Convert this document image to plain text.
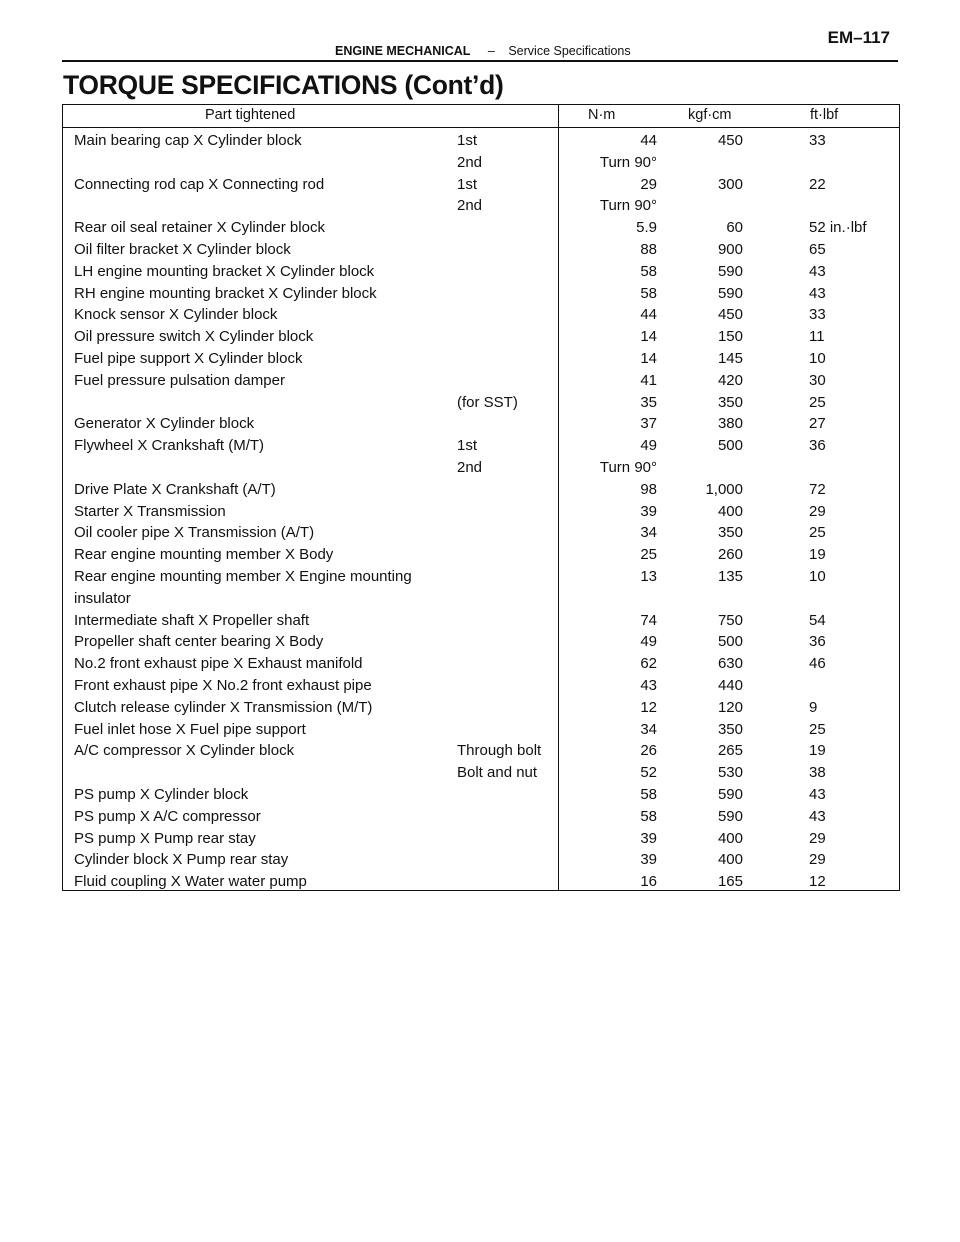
ENGINE MECHANICAL – Service Specifications
EM–117
TORQUE SPECIFICATIONS (Cont’d)
Part tightened	N·m	kgf·cm	ft·lbf
Main bearing cap X Cylinder block	1st	44	450	33
2nd	Turn 90°
Connecting rod cap X Connecting rod	1st	29	300	22
2nd	Turn 90°
Rear oil seal retainer X Cylinder block	5.9	60	52 in.·lbf
Oil filter bracket X Cylinder block	88	900	65
LH engine mounting bracket X Cylinder block	58	590	43
RH engine mounting bracket X Cylinder block	58	590	43
Knock sensor X Cylinder block	44	450	33
Oil pressure switch X Cylinder block	14	150	11
Fuel pipe support X Cylinder block	14	145	10
Fuel pressure pulsation damper	41	420	30
(for SST)	35	350	25
Generator X Cylinder block	37	380	27
Flywheel X Crankshaft (M/T)	1st	49	500	36
2nd	Turn 90°
Drive Plate X Crankshaft (A/T)	98	1,000	72
Starter X Transmission	39	400	29
Oil cooler pipe X Transmission (A/T)	34	350	25
Rear engine mounting member X Body	25	260	19
Rear engine mounting member X Engine mounting insulator
13	135	10
Intermediate shaft X Propeller shaft	74	750	54
Propeller shaft center bearing X Body	49	500	36
No.2 front exhaust pipe X Exhaust manifold	62	630	46
Front exhaust pipe X No.2 front exhaust pipe	43	440
Clutch release cylinder X Transmission (M/T)	12	120	9
Fuel inlet hose X Fuel pipe support	34	350	25
A/C compressor X Cylinder block	Through bolt	26	265	19
Bolt and nut	52	530	38
PS pump X Cylinder block	58	590	43
PS pump X A/C compressor	58	590	43
PS pump X Pump rear stay	39	400	29
Cylinder block X Pump rear stay	39	400	29
Fluid coupling X Water water pump	16	165	12
